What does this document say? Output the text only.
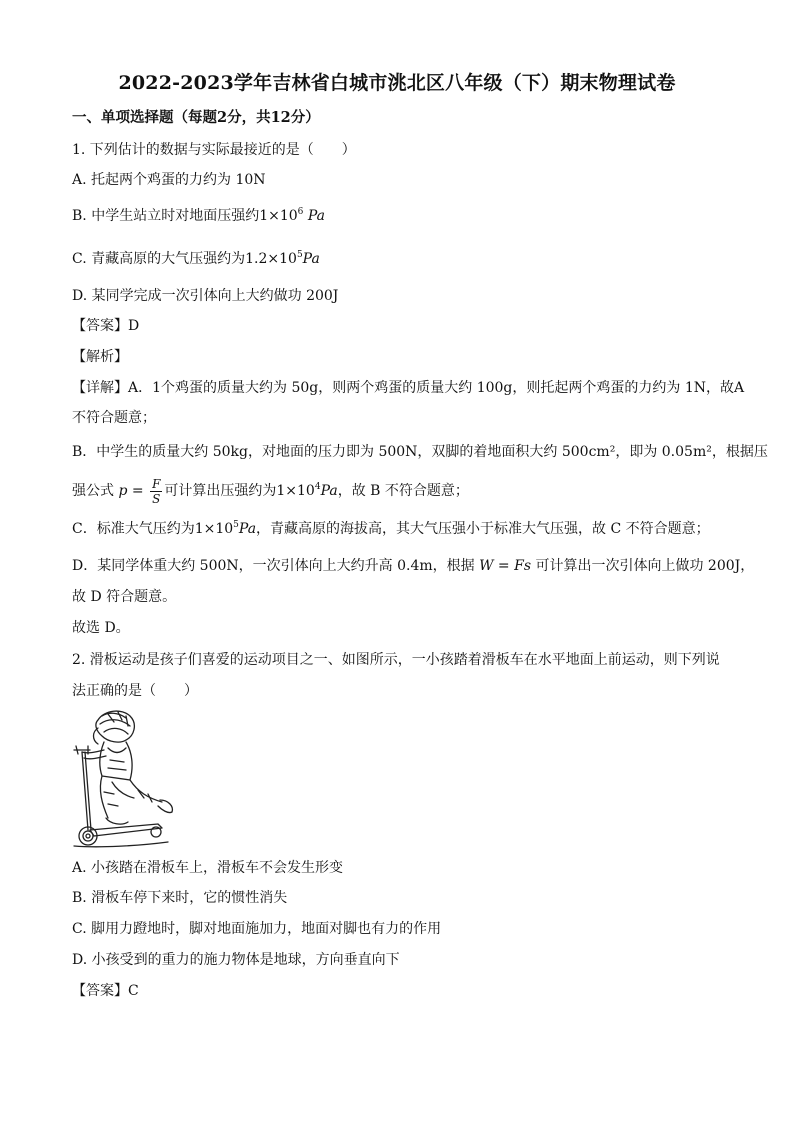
2022-2023学年吉林省白城市洮北区八年级（下）期末物理试卷
一、单项选择题（每题2分，共12分）
1. 下列估计的数据与实际最接近的是（　　）
A. 托起两个鸡蛋的力约为 10N
B. 中学生站立时对地面压强约$1\times 10^6$ Pa
C. 青藏高原的大气压强约为$1.2\times 10^5Pa$
D. 某同学完成一次引体向上大约做功 200J
【答案】D
【解析】
【详解】A．1个鸡蛋的质量大约为 50g，则两个鸡蛋的质量大约 100g，则托起两个鸡蛋的力约为 1N，故A
不符合题意；
B．中学生的质量大约 50kg，对地面的压力即为 500N，双脚的着地面积大约 500cm²，即为 0.05m²，根据压
强公式 $p = \frac{F}{S}$ 可计算出压强约为$1\times 10^4Pa$，故 B 不符合题意；
C．标准大气压约为$1\times 10^5Pa$，青藏高原的海拔高，其大气压强小于标准大气压强，故 C 不符合题意；
D．某同学体重大约 500N，一次引体向上大约升高 0.4m，根据 W = Fs 可计算出一次引体向上做功 200J，
故 D 符合题意。
故选 D。
2. 滑板运动是孩子们喜爱的运动项目之一、如图所示，一小孩踏着滑板车在水平地面上前运动，则下列说
法正确的是（　　）
A. 小孩踏在滑板车上，滑板车不会发生形变
B. 滑板车停下来时，它的惯性消失
C. 脚用力蹬地时，脚对地面施加力，地面对脚也有力的作用
D. 小孩受到的重力的施力物体是地球，方向垂直向下
【答案】C
